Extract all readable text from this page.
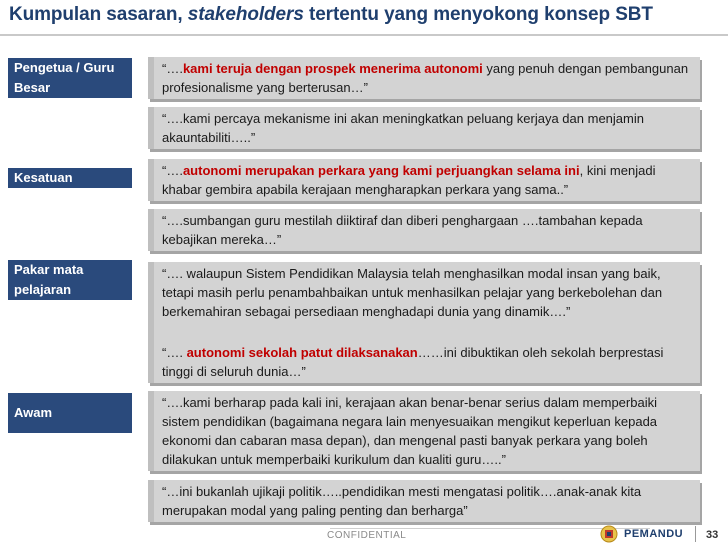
Kumpulan sasaran, stakeholders tertentu yang menyokong konsep SBT
Pengetua / Guru Besar
“….kami teruja dengan prospek menerima autonomi yang penuh dengan pembangunan profesionalisme yang berterusan…”
“….kami percaya mekanisme ini akan meningkatkan peluang kerjaya dan menjamin akauntabiliti…..”
Kesatuan	“….autonomi merupakan perkara yang kami perjuangkan selama ini, kini menjadi khabar gembira apabila kerajaan mengharapkan perkara yang sama..”
“….sumbangan guru mestilah diiktiraf dan diberi penghargaan ….tambahan kepada kebajikan mereka…”
Pakar mata pelajaran
“…. walaupun Sistem Pendidikan Malaysia telah menghasilkan modal insan yang baik, tetapi masih perlu penambahbaikan untuk menhasilkan pelajar yang berkebolehan dan berkemahiran sebagai persediaan menghadapi dunia yang dinamik….”
“…. autonomi sekolah patut dilaksanakan……ini dibuktikan oleh sekolah berprestasi tinggi di seluruh dunia…”
Awam
“….kami berharap pada kali ini, kerajaan akan benar-benar serius dalam memperbaiki sistem pendidikan (bagaimana negara lain menyesuaikan mengikut keperluan kepada ekonomi dan cabaran masa depan), dan mengenal pasti banyak perkara yang boleh dilakukan untuk memperbaiki kurikulum dan kualiti guru…..”
“…ini bukanlah ujikaji politik…..pendidikan mesti mengatasi politik….anak-anak kita merupakan modal yang paling penting dan berharga”
CONFIDENTIAL	PEMANDU 33
